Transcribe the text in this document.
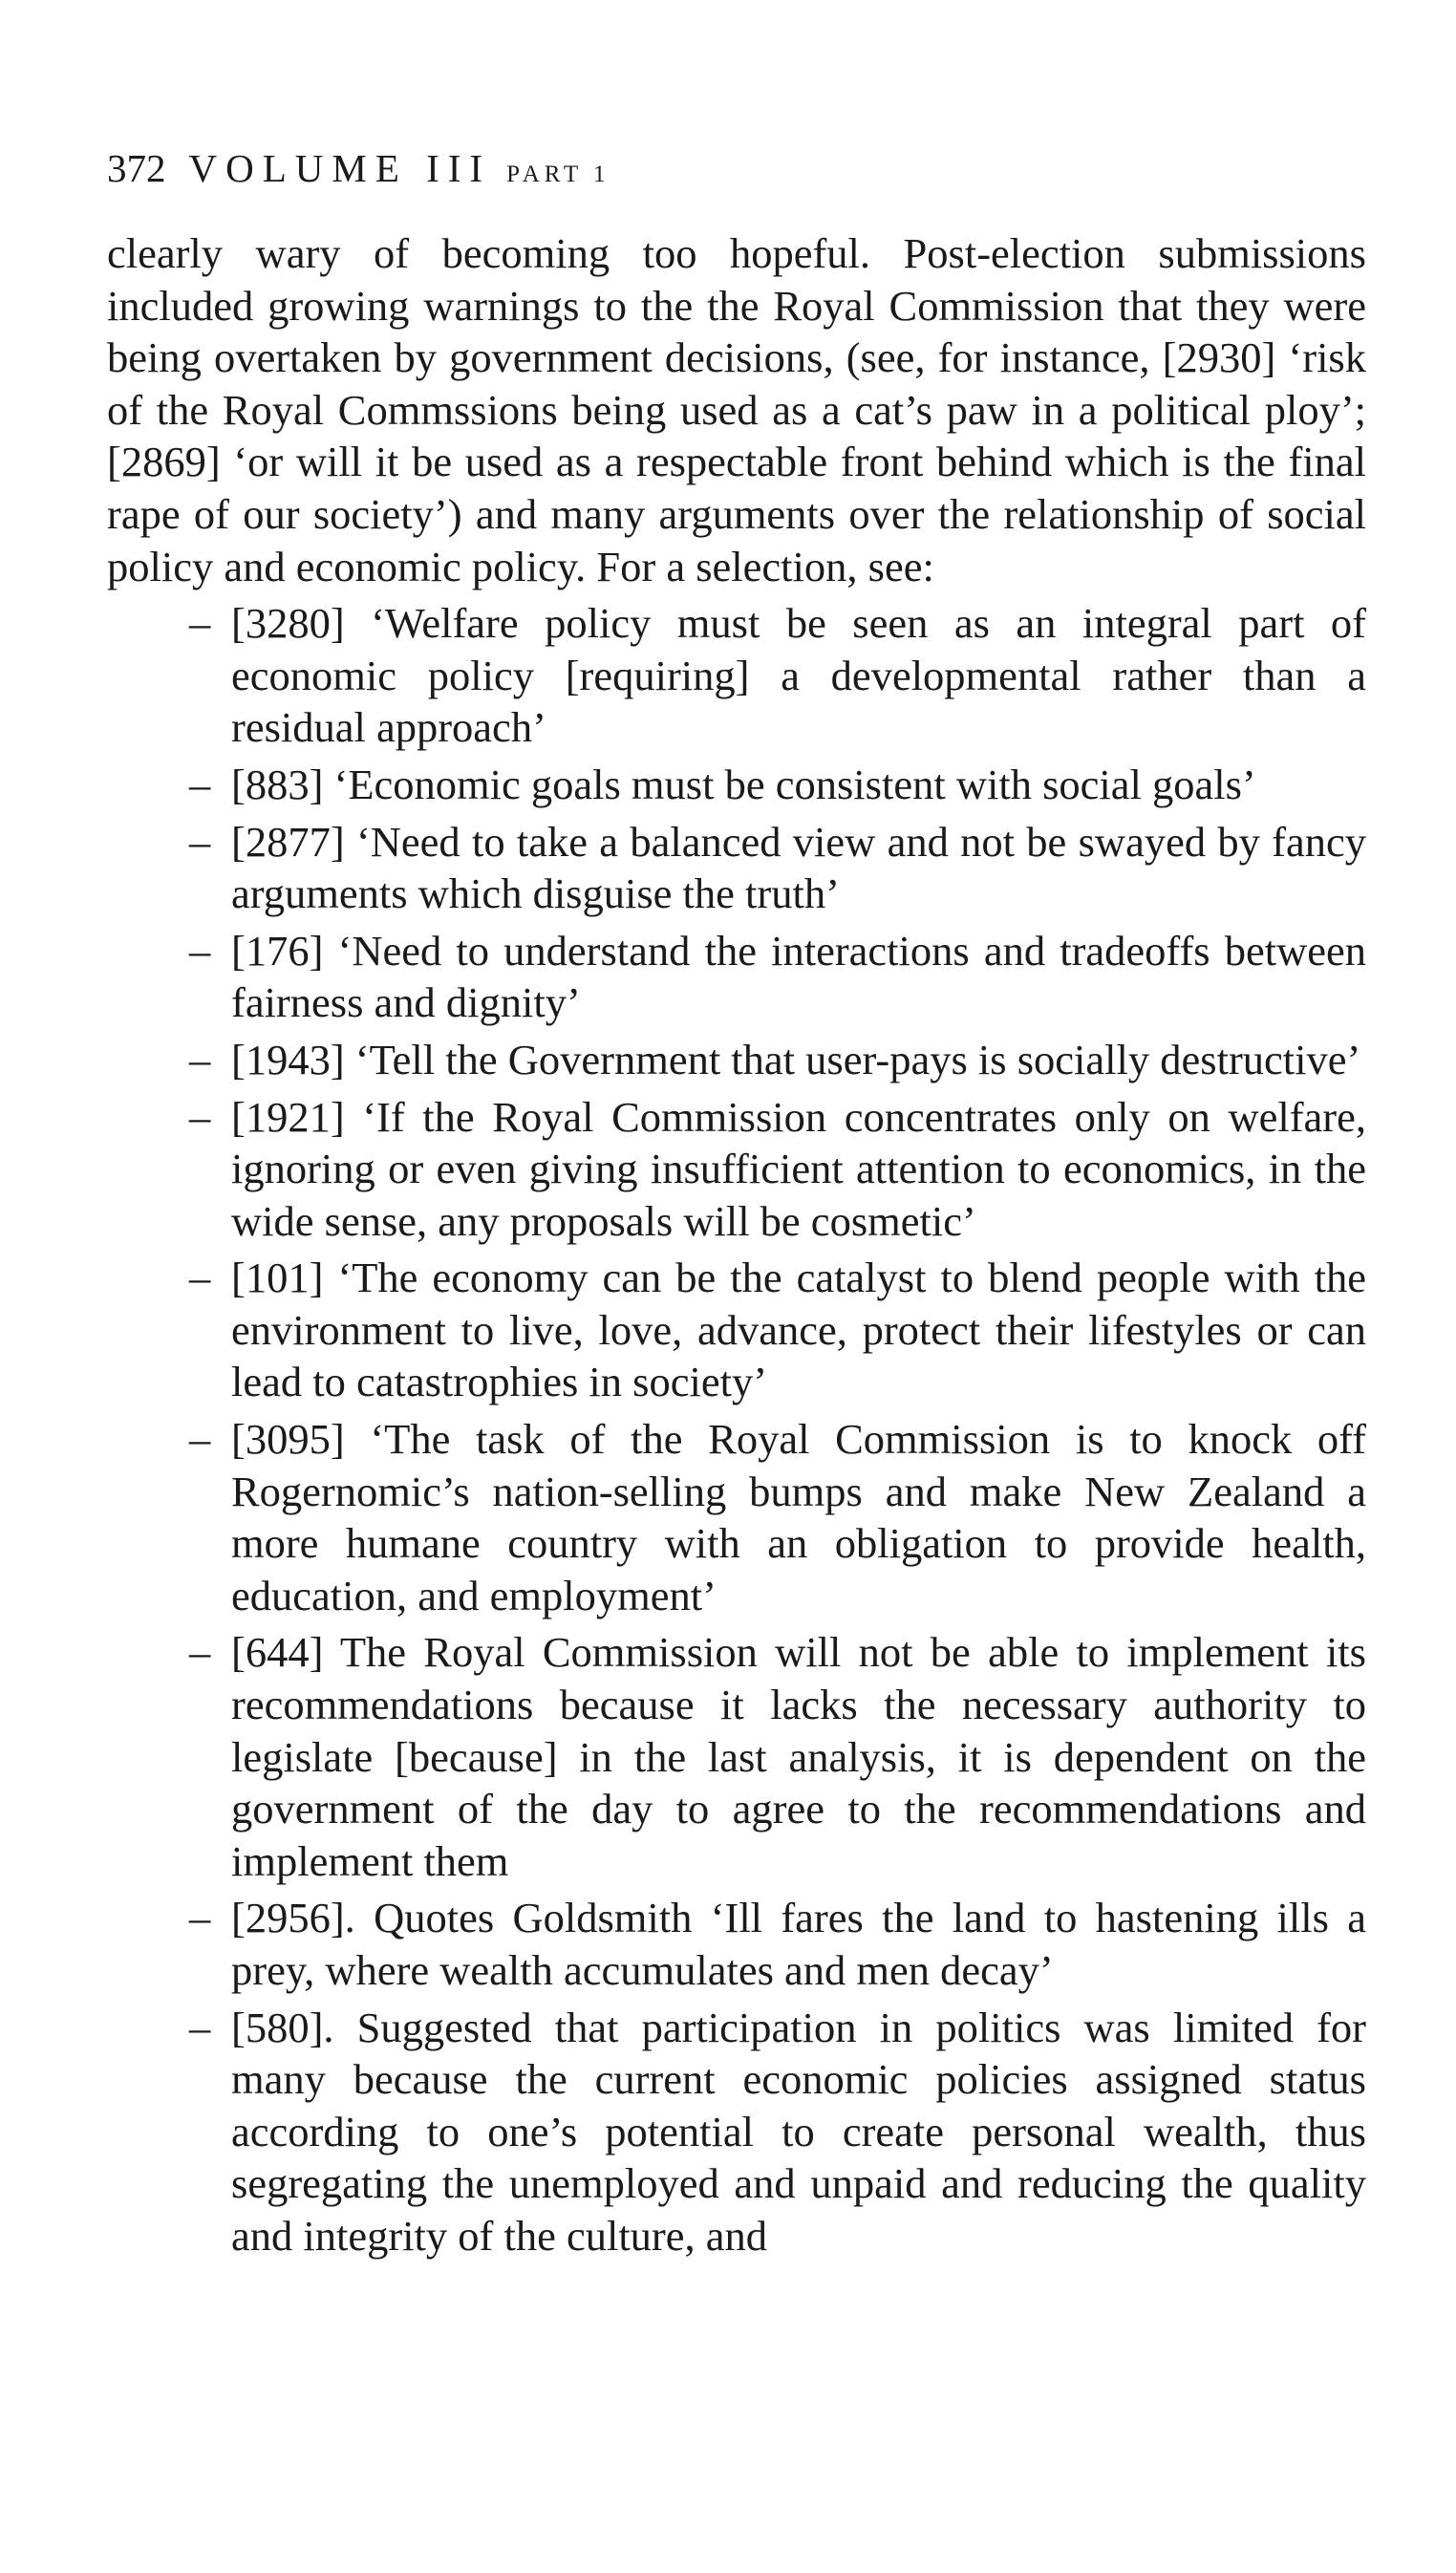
372 VOLUME III PART 1

clearly wary of becoming too hopeful. Post-election submissions included growing warnings to the the Royal Commission that they were being overtaken by government decisions, (see, for instance, [2930] ‘risk of the Royal Commssions being used as a cat’s paw in a political ploy’; [2869] ‘or will it be used as a respectable front behind which is the final rape of our society’) and many arguments over the relationship of social policy and economic policy. For a selection, see:

– [3280] ‘Welfare policy must be seen as an integral part of economic policy [requiring] a developmental rather than a residual approach’
– [883] ‘Economic goals must be consistent with social goals’
– [2877] ‘Need to take a balanced view and not be swayed by fancy arguments which disguise the truth’
– [176] ‘Need to understand the interactions and tradeoffs between fairness and dignity’
– [1943] ‘Tell the Government that user-pays is socially destructive’
– [1921] ‘If the Royal Commission concentrates only on welfare, ignoring or even giving insufficient attention to economics, in the wide sense, any proposals will be cosmetic’
– [101] ‘The economy can be the catalyst to blend people with the environment to live, love, advance, protect their lifestyles or can lead to catastrophies in society’
– [3095] ‘The task of the Royal Commission is to knock off Rogernomic’s nation-selling bumps and make New Zealand a more humane country with an obligation to provide health, education, and employment’
– [644] The Royal Commission will not be able to implement its recommendations because it lacks the necessary authority to legislate [because] in the last analysis, it is dependent on the government of the day to agree to the recommendations and implement them
– [2956]. Quotes Goldsmith ‘Ill fares the land to hastening ills a prey, where wealth accumulates and men decay’
– [580]. Suggested that participation in politics was limited for many because the current economic policies assigned status according to one’s potential to create personal wealth, thus segregating the unemployed and unpaid and reducing the quality and integrity of the culture, and
